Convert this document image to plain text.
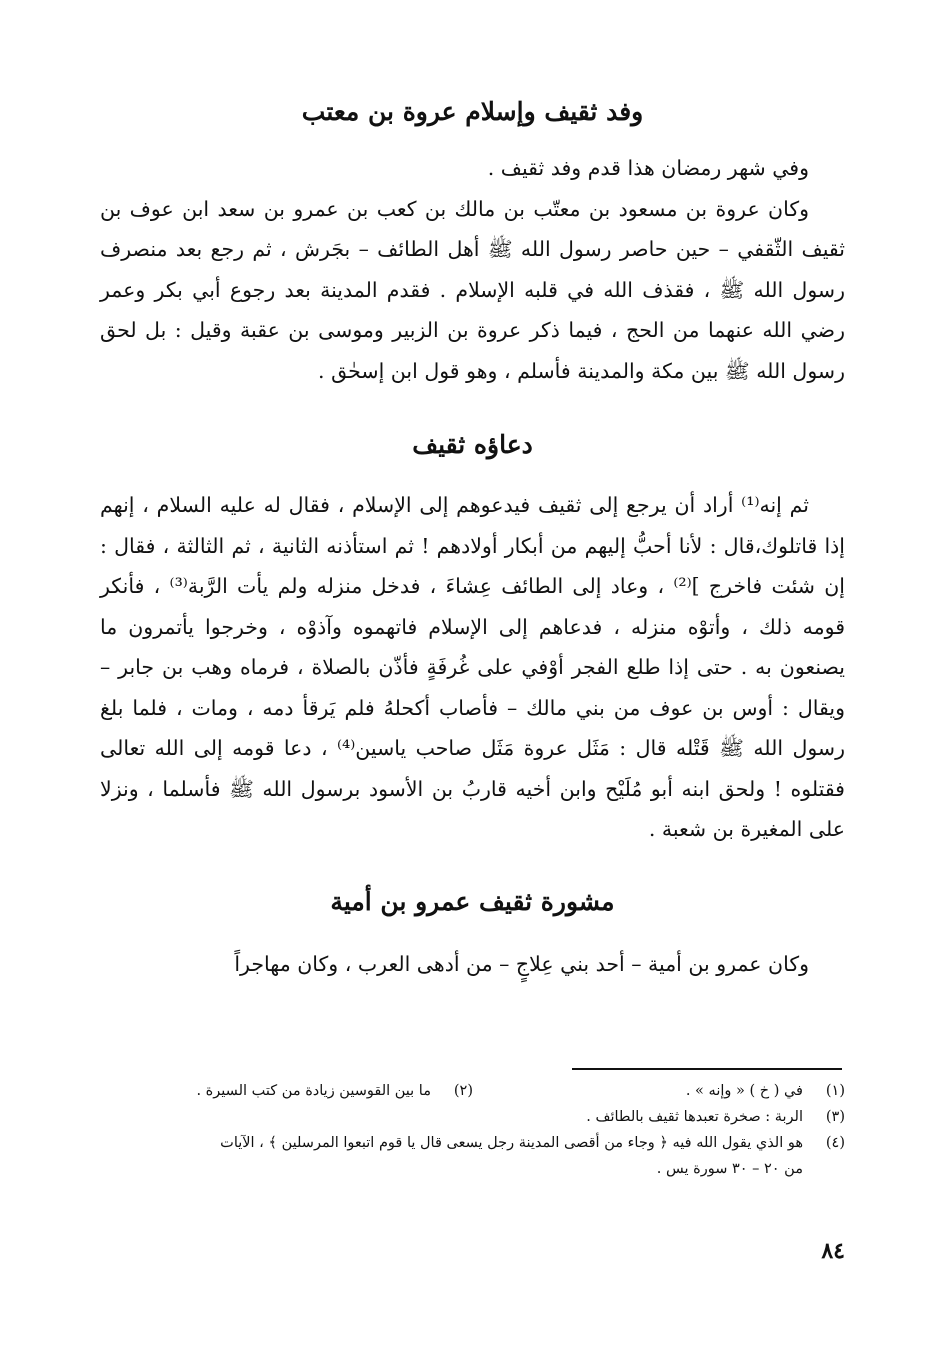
وفد ثقيف وإسلام عروة بن معتب

وفي شهر رمضان هذا قدم وفد ثقيف .

وكان عروة بن مسعود بن معتّب بن مالك بن كعب بن عمرو بن سعد ابن عوف بن ثقيف الثّقفي – حين حاصر رسول الله ﷺ أهل الطائف – بجَرش ، ثم رجع بعد منصرف رسول الله ﷺ ، فقذف الله في قلبه الإسلام . فقدم المدينة بعد رجوع أبي بكر وعمر رضي الله عنهما من الحج ، فيما ذكر عروة بن الزبير وموسى بن عقبة وقيل : بل لحق رسول الله ﷺ بين مكة والمدينة فأسلم ، وهو قول ابن إسحٰق .

دعاؤه ثقيف

ثم إنه⁽¹⁾ أراد أن يرجع إلى ثقيف فيدعوهم إلى الإسلام ، فقال له عليه السلام ، إنهم إذا قاتلوك،قال : لأنا أحبُّ إليهم من أبكار أولادهم ! ثم استأذنه الثانية ، ثم الثالثة ، فقال : إن شئت فاخرج ]⁽²⁾ ، وعاد إلى الطائف عِشاءَ ، فدخل منزله ولم يأت الرَّبة⁽³⁾ ، فأنكر قومه ذلك ، وأتوْه منزله ، فدعاهم إلى الإسلام فاتهموه وآذوْه ، وخرجوا يأتمرون ما يصنعون به . حتى إذا طلع الفجر أوْفي على غُرفَةٍ فأذّن بالصلاة ، فرماه وهب بن جابر – ويقال : أوس بن عوف من بني مالك – فأصاب أكحلهُ فلم يَرقأ دمه ، ومات ، فلما بلغ رسول الله ﷺ قَتْله قال : مَثَل عروة مَثَل صاحب ياسين⁽⁴⁾ ، دعا قومه إلى الله تعالى فقتلوه ! ولحق ابنه أبو مُلَيْح وابن أخيه قاربُ بن الأسود برسول الله ﷺ فأسلما ، ونزلا على المغيرة بن شعبة .

مشورة ثقيف عمرو بن أمية

وكان عمرو بن أمية – أحد بني عِلاجٍ – من أدهى العرب ، وكان مهاجراً

(١)
في ( خ ) « وإنه » .
(٢)
ما بين القوسين زيادة من كتب السيرة .
(٣)
الربة : صخرة تعبدها ثقيف بالطائف .
(٤)
هو الذي يقول الله فيه ﴿ وجاء من أقصى المدينة رجل يسعى قال يا قوم اتبعوا المرسلين ﴾ ، الآيات
من ٢٠ – ٣٠ سورة يس .
٨٤
